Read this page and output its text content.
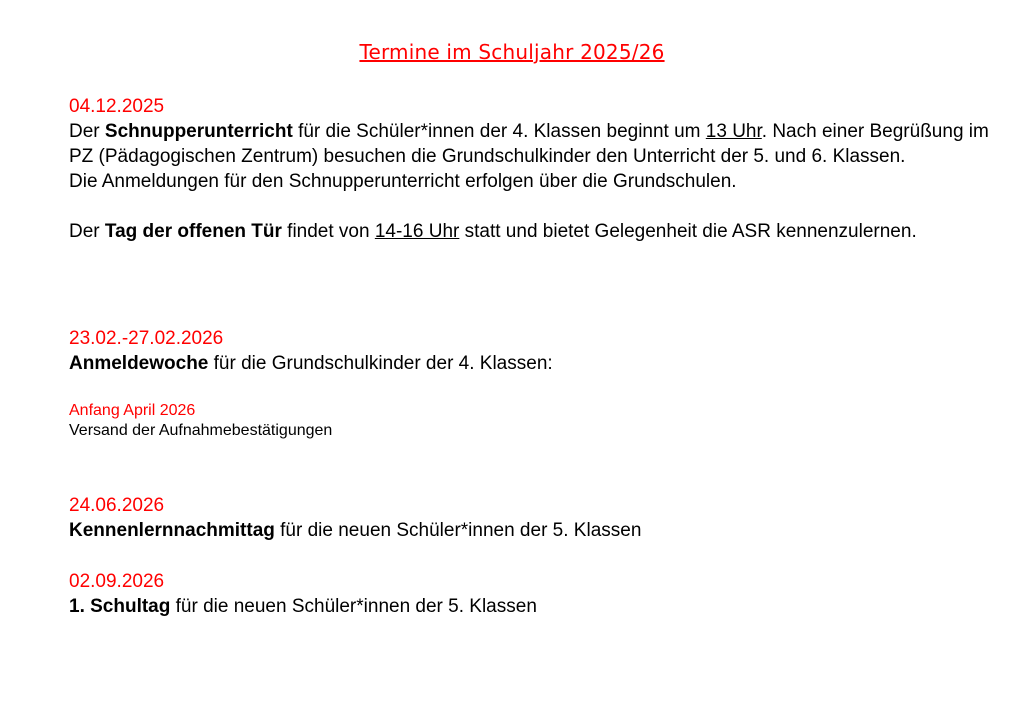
Termine im Schuljahr 2025/26
04.12.2025
Der Schnupperunterricht für die Schüler*innen der 4. Klassen beginnt um 13 Uhr. Nach einer Begrüßung im PZ (Pädagogischen Zentrum) besuchen die Grundschulkinder den Unterricht der 5. und 6. Klassen.
Die Anmeldungen für den Schnupperunterricht erfolgen über die Grundschulen.
Der Tag der offenen Tür findet von 14-16 Uhr statt und bietet Gelegenheit die ASR kennenzulernen.
23.02.-27.02.2026
Anmeldewoche für die Grundschulkinder der 4. Klassen:
Anfang April 2026
Versand der Aufnahmebestätigungen
24.06.2026
Kennenlernnachmittag für die neuen Schüler*innen der 5. Klassen
02.09.2026
1. Schultag für die neuen Schüler*innen der 5. Klassen
